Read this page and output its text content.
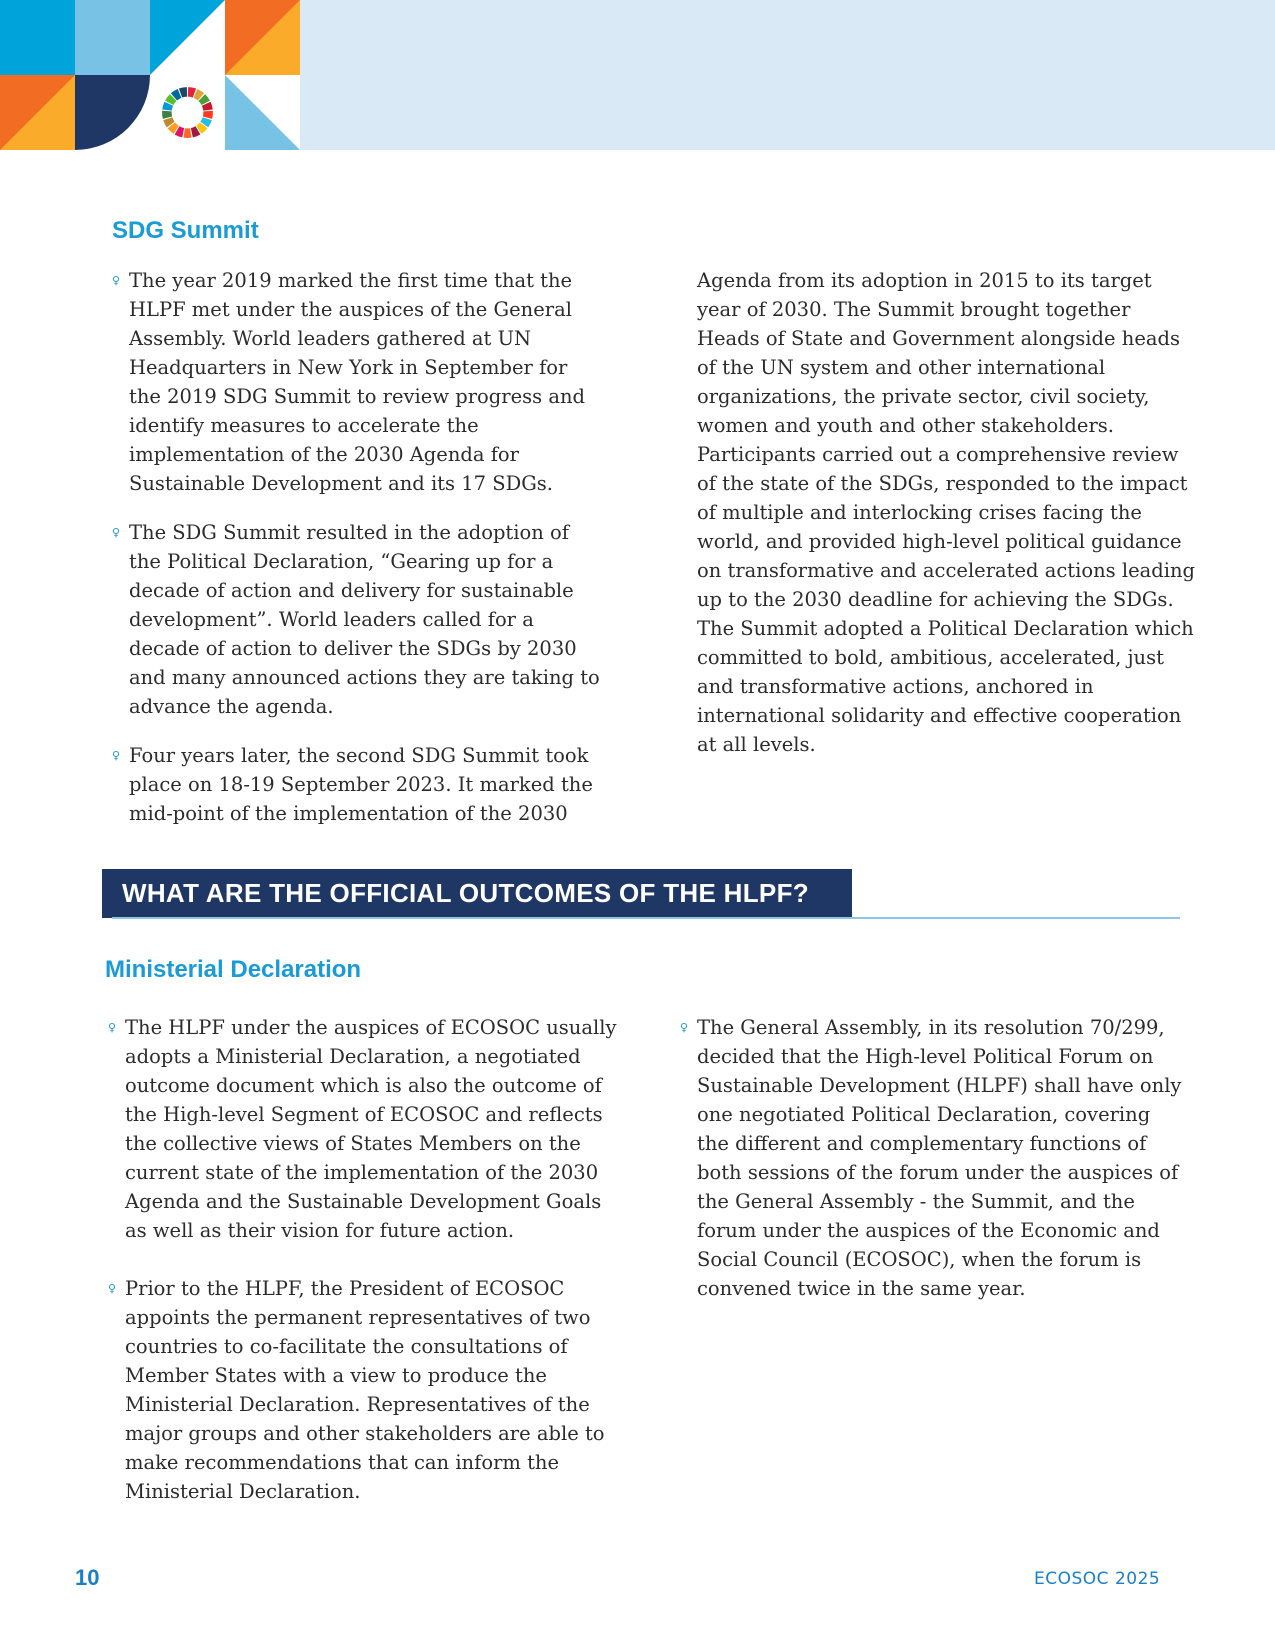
SDG Summit

♀ The year 2019 marked the first time that the HLPF met under the auspices of the General Assembly. World leaders gathered at UN Headquarters in New York in September for the 2019 SDG Summit to review progress and identify measures to accelerate the implementation of the 2030 Agenda for Sustainable Development and its 17 SDGs.

♀ The SDG Summit resulted in the adoption of the Political Declaration, “Gearing up for a decade of action and delivery for sustainable development”. World leaders called for a decade of action to deliver the SDGs by 2030 and many announced actions they are taking to advance the agenda.

♀ Four years later, the second SDG Summit took place on 18-19 September 2023. It marked the mid-point of the implementation of the 2030

Agenda from its adoption in 2015 to its target year of 2030. The Summit brought together Heads of State and Government alongside heads of the UN system and other international organizations, the private sector, civil society, women and youth and other stakeholders. Participants carried out a comprehensive review of the state of the SDGs, responded to the impact of multiple and interlocking crises facing the world, and provided high-level political guidance on transformative and accelerated actions leading up to the 2030 deadline for achieving the SDGs. The Summit adopted a Political Declaration which committed to bold, ambitious, accelerated, just and transformative actions, anchored in international solidarity and effective cooperation at all levels.

WHAT ARE THE OFFICIAL OUTCOMES OF THE HLPF?
Ministerial Declaration

♀ The HLPF under the auspices of ECOSOC usually adopts a Ministerial Declaration, a negotiated outcome document which is also the outcome of the High-level Segment of ECOSOC and reflects the collective views of States Members on the current state of the implementation of the 2030 Agenda and the Sustainable Development Goals as well as their vision for future action.

♀ Prior to the HLPF, the President of ECOSOC appoints the permanent representatives of two countries to co-facilitate the consultations of Member States with a view to produce the Ministerial Declaration. Representatives of the major groups and other stakeholders are able to make recommendations that can inform the Ministerial Declaration.

♀ The General Assembly, in its resolution 70/299, decided that the High-level Political Forum on Sustainable Development (HLPF) shall have only one negotiated Political Declaration, covering the different and complementary functions of both sessions of the forum under the auspices of the General Assembly - the Summit, and the forum under the auspices of the Economic and Social Council (ECOSOC), when the forum is convened twice in the same year.

10	ECOSOC 2025
